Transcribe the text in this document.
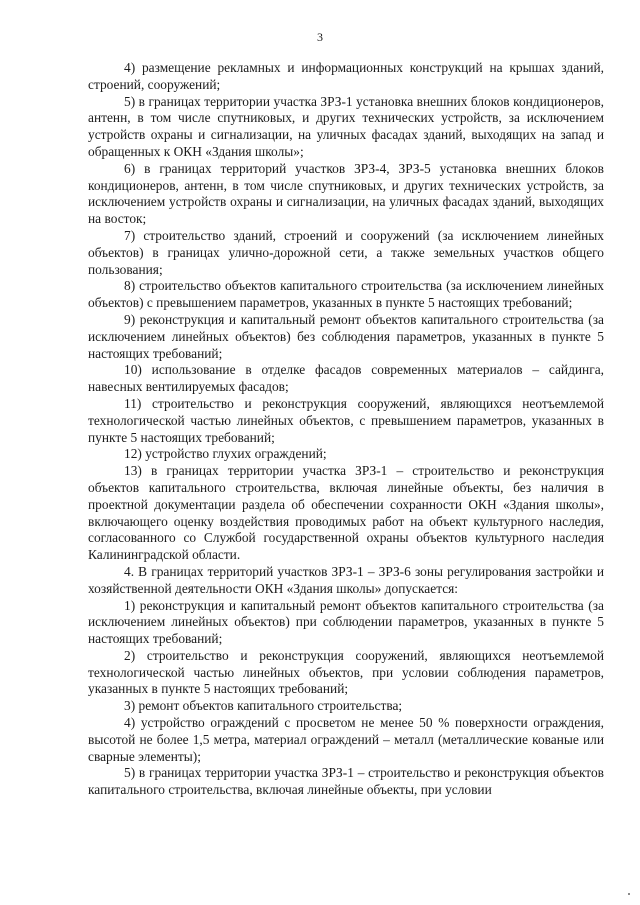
3

4) размещение рекламных и информационных конструкций на крышах зданий, строений, сооружений;

5) в границах территории участка ЗРЗ-1 установка внешних блоков кондиционеров, антенн, в том числе спутниковых, и других технических устройств, за исключением устройств охраны и сигнализации, на уличных фасадах зданий, выходящих на запад и обращенных к ОКН «Здания школы»;

6) в границах территорий участков ЗРЗ-4, ЗРЗ-5 установка внешних блоков кондиционеров, антенн, в том числе спутниковых, и других технических устройств, за исключением устройств охраны и сигнализации, на уличных фасадах зданий, выходящих на восток;

7) строительство зданий, строений и сооружений (за исключением линейных объектов) в границах улично-дорожной сети, а также земельных участков общего пользования;

8) строительство объектов капитального строительства (за исключением линейных объектов) с превышением параметров, указанных в пункте 5 настоящих требований;

9) реконструкция и капитальный ремонт объектов капитального строительства (за исключением линейных объектов) без соблюдения параметров, указанных в пункте 5 настоящих требований;

10) использование в отделке фасадов современных материалов – сайдинга, навесных вентилируемых фасадов;

11) строительство и реконструкция сооружений, являющихся неотъемлемой технологической частью линейных объектов, с превышением параметров, указанных в пункте 5 настоящих требований;

12) устройство глухих ограждений;

13) в границах территории участка ЗРЗ-1 – строительство и реконструкция объектов капитального строительства, включая линейные объекты, без наличия в проектной документации раздела об обеспечении сохранности ОКН «Здания школы», включающего оценку воздействия проводимых работ на объект культурного наследия, согласованного со Службой государственной охраны объектов культурного наследия Калининградской области.

4. В границах территорий участков ЗРЗ-1 – ЗРЗ-6 зоны регулирования застройки и хозяйственной деятельности ОКН «Здания школы» допускается:

1) реконструкция и капитальный ремонт объектов капитального строительства (за исключением линейных объектов) при соблюдении параметров, указанных в пункте 5 настоящих требований;

2) строительство и реконструкция сооружений, являющихся неотъемлемой технологической частью линейных объектов, при условии соблюдения параметров, указанных в пункте 5 настоящих требований;

3) ремонт объектов капитального строительства;

4) устройство ограждений с просветом не менее 50 % поверхности ограждения, высотой не более 1,5 метра, материал ограждений – металл (металлические кованые или сварные элементы);

5) в границах территории участка ЗРЗ-1 – строительство и реконструкция объектов капитального строительства, включая линейные объекты, при условии
